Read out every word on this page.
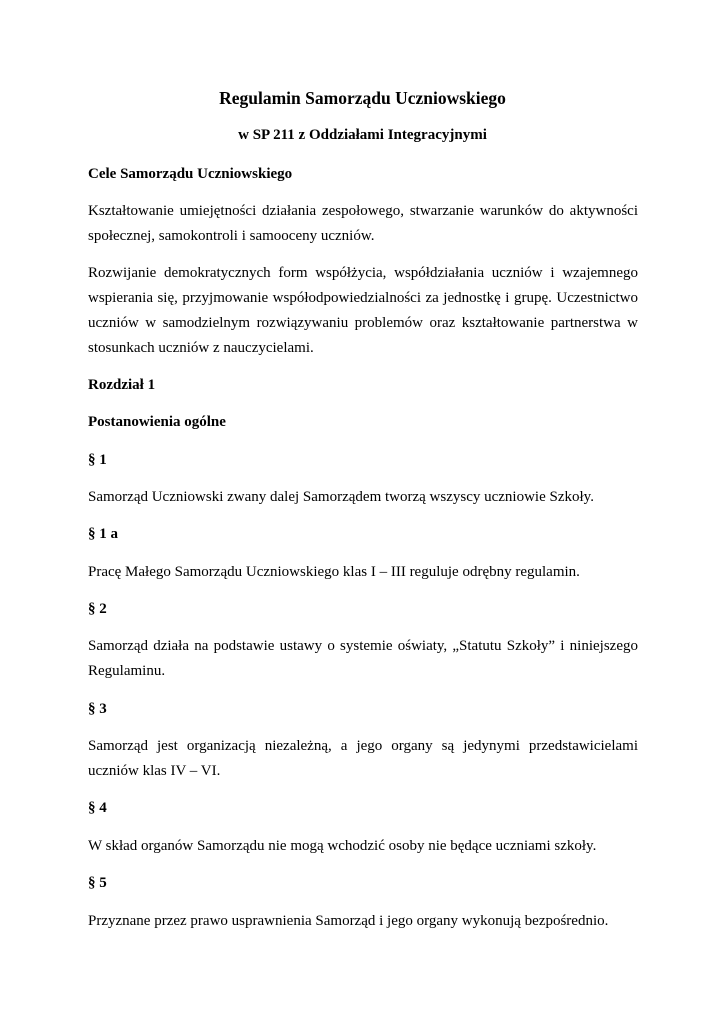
Regulamin Samorządu Uczniowskiego
w SP 211 z Oddziałami Integracyjnymi

Cele Samorządu Uczniowskiego

Kształtowanie umiejętności działania zespołowego, stwarzanie warunków do aktywności społecznej, samokontroli i samooceny uczniów.

Rozwijanie demokratycznych form współżycia, współdziałania uczniów i wzajemnego wspierania się, przyjmowanie współodpowiedzialności za jednostkę i grupę. Uczestnictwo uczniów w samodzielnym rozwiązywaniu problemów oraz kształtowanie partnerstwa w stosunkach uczniów z nauczycielami.

Rozdział 1

Postanowienia ogólne

§ 1

Samorząd Uczniowski zwany dalej Samorządem tworzą wszyscy uczniowie Szkoły.

§ 1 a

Pracę Małego Samorządu Uczniowskiego klas I – III reguluje odrębny regulamin.

§ 2

Samorząd działa na podstawie ustawy o systemie oświaty, „Statutu Szkoły” i niniejszego Regulaminu.

§ 3

Samorząd jest organizacją niezależną, a jego organy są jedynymi przedstawicielami uczniów klas IV – VI.

§ 4

W skład organów Samorządu nie mogą wchodzić osoby nie będące uczniami szkoły.

§ 5

Przyznane przez prawo usprawnienia Samorząd i jego organy wykonują bezpośrednio.
